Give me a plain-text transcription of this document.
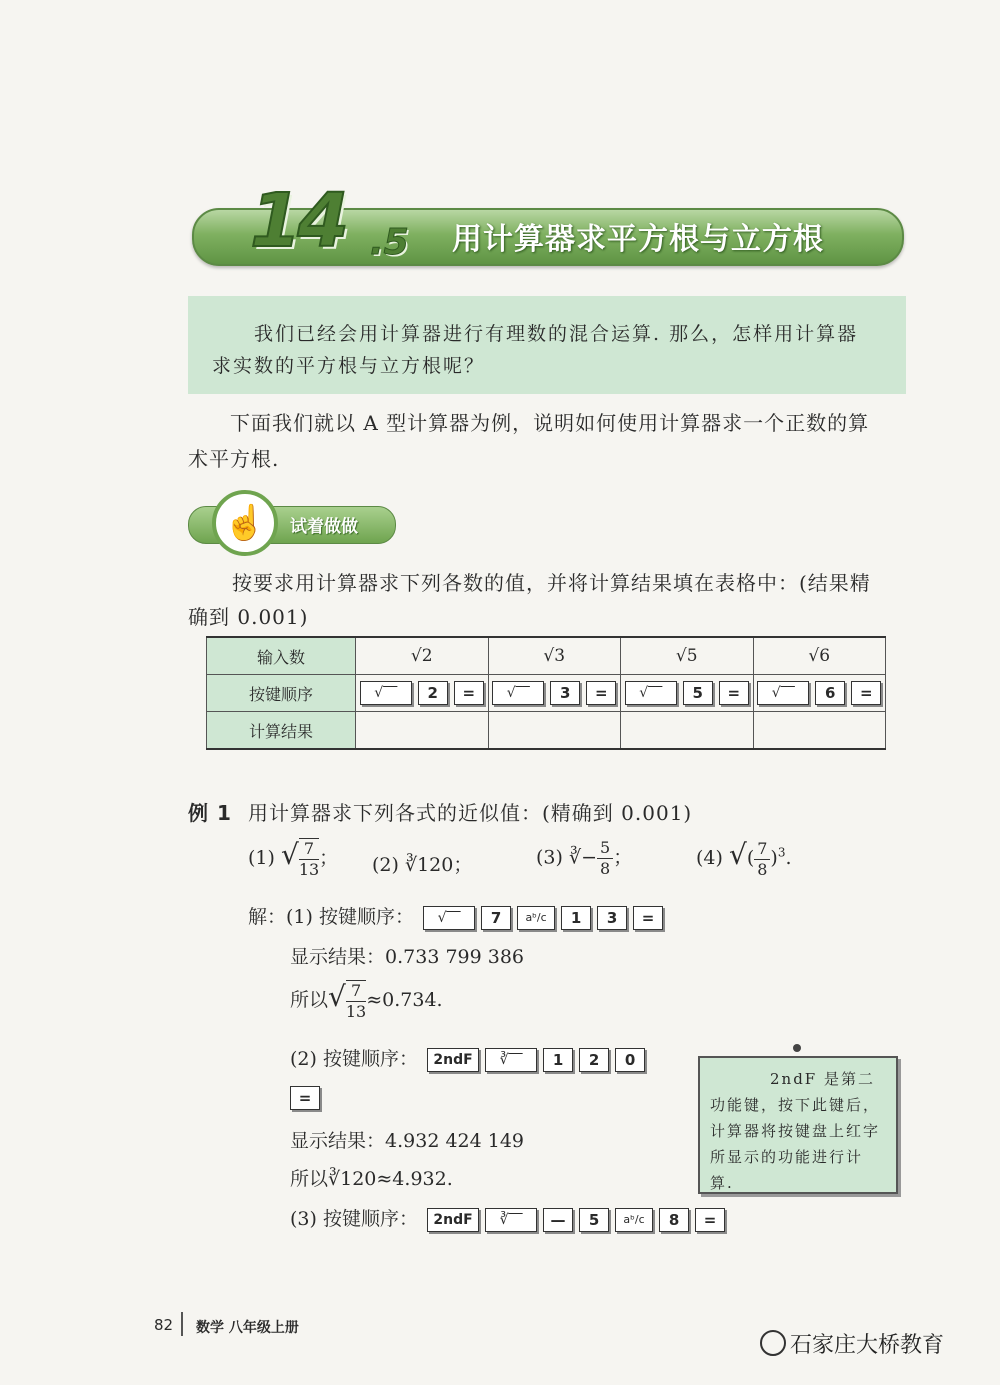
14 .5 用计算器求平方根与立方根
我们已经会用计算器进行有理数的混合运算. 那么，怎样用计算器
求实数的平方根与立方根呢？
下面我们就以 A 型计算器为例，说明如何使用计算器求一个正数的算
术平方根.
☝	试着做做
按要求用计算器求下列各数的值，并将计算结果填在表格中：(结果精
确到 0.001)
输入数	√2	√3	√5	√6
按键顺序	√‾‾ 2 =	√‾‾ 3 =	√‾‾ 5 =	√‾‾ 6 =
计算结果				
例 1 用计算器求下列各式的近似值：(精确到 0.001)
(1) √ $\frac{7}{13}$ ； (2) ∛120；	(3) ∛− $\frac{5}{8}$ ；	(4) √( $\frac{7}{8} )^3$.
解：(1) 按键顺序： √‾‾ 7 aᵇ/c 1 3 =
显示结果：0.733 799 386
所以√ $\frac{7}{13} \approx 0.734$.
(2) 按键顺序： 2ndF ∛‾‾ 1 2 0
=
显示结果：4.932 424 149
所以∛120≈4.932.
(3) 按键顺序： 2ndF ∛‾‾ — 5 aᵇ/c 8 =
2ndF 是第二功能键，按下此键后，计算器将按键盘上红字所显示的功能进行计算.
82 数学 八年级上册
石家庄大桥教育
